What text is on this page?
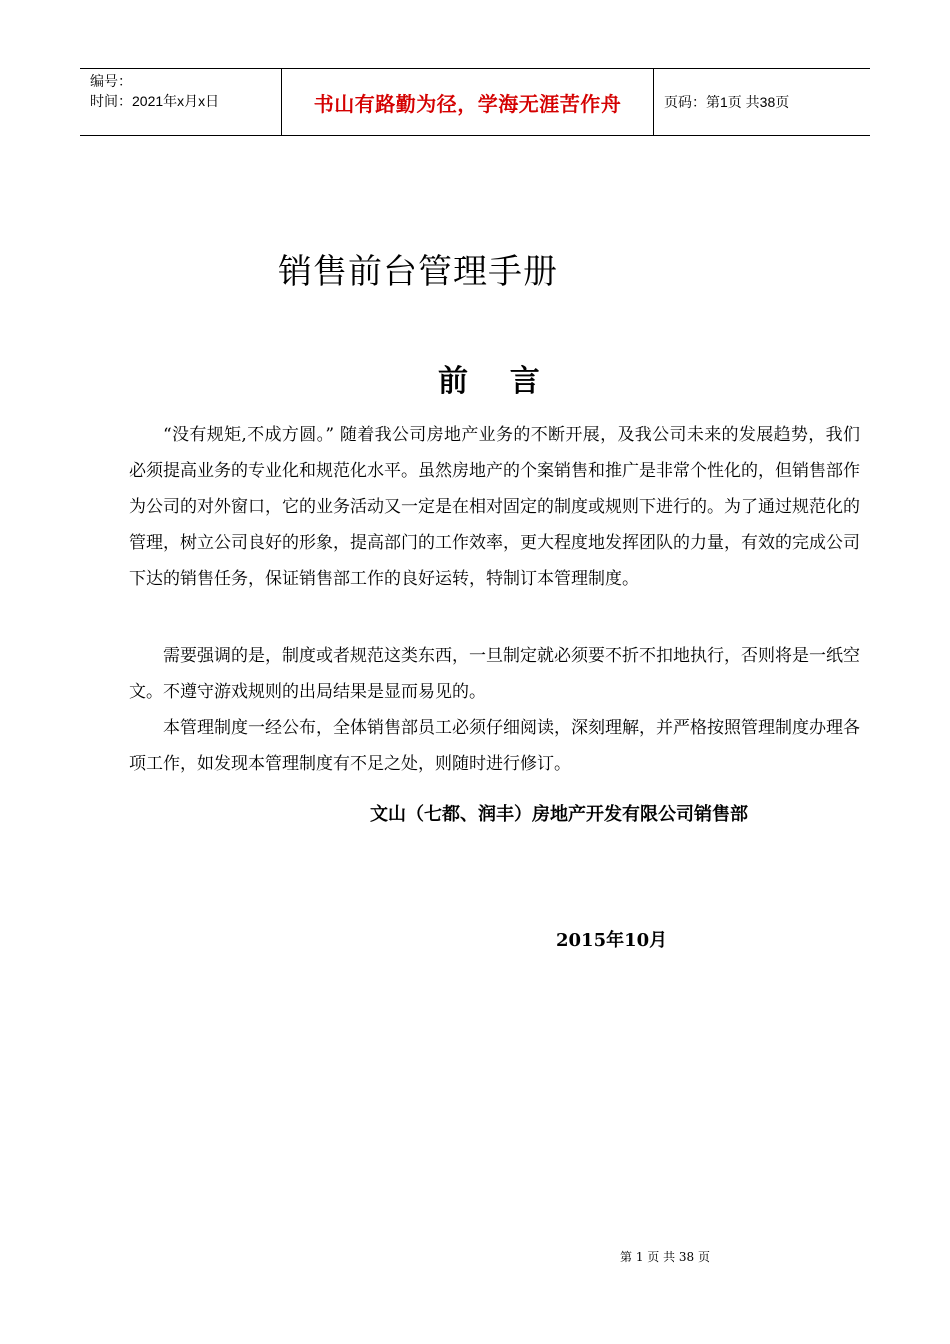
编号：
时间：2021年x月x日	书山有路勤为径，学海无涯苦作舟	页码：第1页 共38页
销售前台管理手册
前    言

“没有规矩,不成方圆。” 随着我公司房地产业务的不断开展，及我公司未来的发展趋势，我们必须提高业务的专业化和规范化水平。虽然房地产的个案销售和推广是非常个性化的，但销售部作为公司的对外窗口，它的业务活动又一定是在相对固定的制度或规则下进行的。为了通过规范化的管理，树立公司良好的形象，提高部门的工作效率，更大程度地发挥团队的力量，有效的完成公司下达的销售任务，保证销售部工作的良好运转，特制订本管理制度。

需要强调的是，制度或者规范这类东西，一旦制定就必须要不折不扣地执行，否则将是一纸空文。不遵守游戏规则的出局结果是显而易见的。

本管理制度一经公布，全体销售部员工必须仔细阅读，深刻理解，并严格按照管理制度办理各项工作，如发现本管理制度有不足之处，则随时进行修订。

文山（七都、润丰）房地产开发有限公司销售部
2015年10月
第 1 页 共 38 页
